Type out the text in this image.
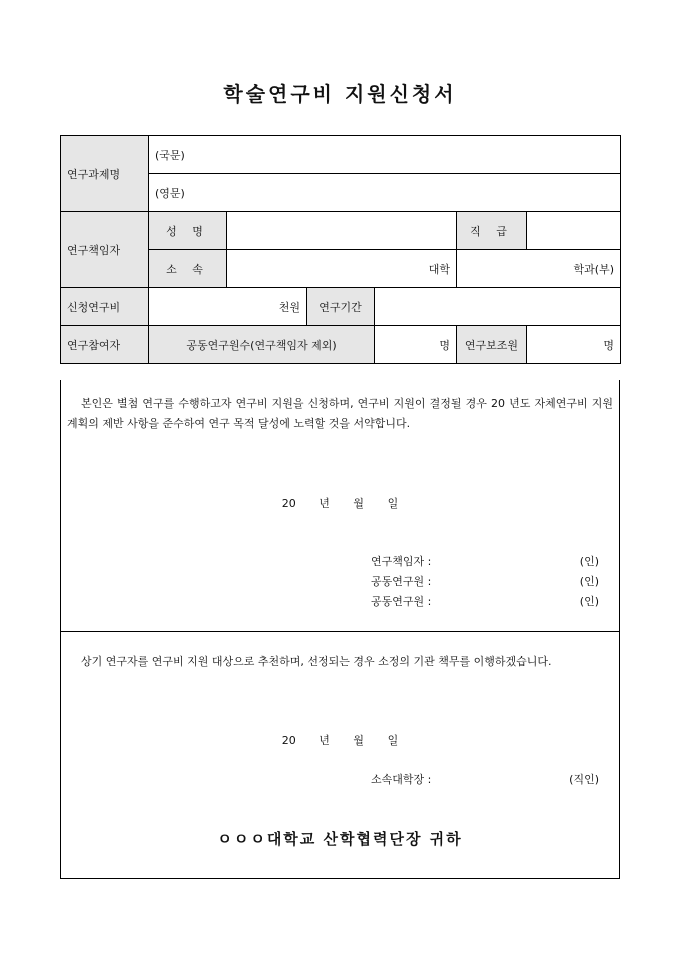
학술연구비 지원신청서
연구과제명	(국문)					
	(영문)					
연구책임자	성 명				직 급	
	소 속	대학			학과(부)	
신청연구비	천원		연구기간			
연구참여자	공동연구원수(연구책임자 제외)			명	연구보조원	명
본인은 별첨 연구를 수행하고자 연구비 지원을 신청하며, 연구비 지원이 결정될 경우 20 년도 자체연구비 지원계획의 제반 사항을 준수하여 연구 목적 달성에 노력할 것을 서약합니다.
20 년 월 일
연구책임자 :	(인)
공동연구원 :	(인)
공동연구원 :	(인)
상기 연구자를 연구비 지원 대상으로 추천하며, 선정되는 경우 소정의 기관 책무를 이행하겠습니다.
20 년 월 일
소속대학장 :	(직인)
ㅇㅇㅇ대학교 산학협력단장 귀하
